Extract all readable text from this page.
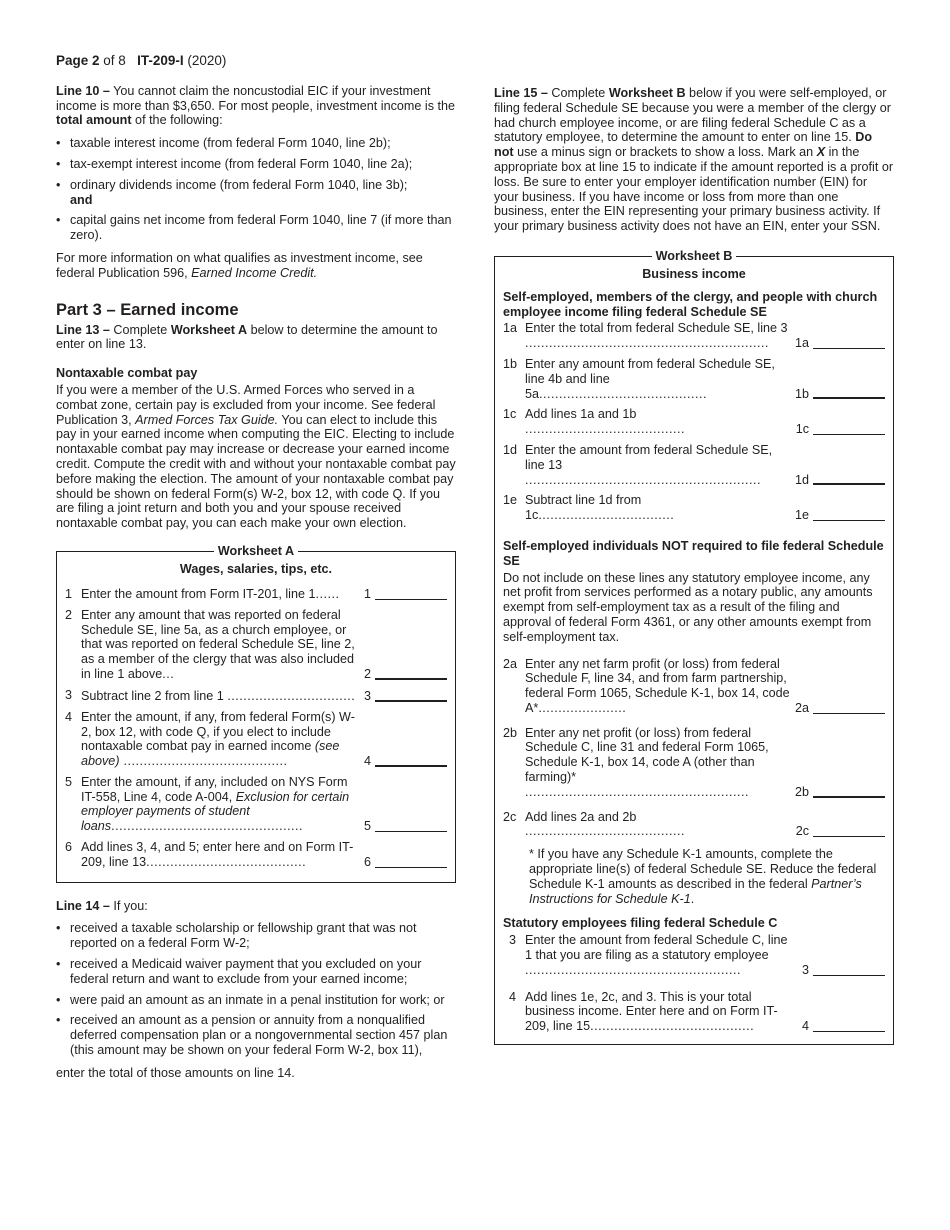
Page 2 of 8 IT-209-I (2020)

Line 10 – You cannot claim the noncustodial EIC if your investment income is more than $3,650. For most people, investment income is the total amount of the following:

• taxable interest income (from federal Form 1040, line 2b);
• tax-exempt interest income (from federal Form 1040, line 2a);
• ordinary dividends income (from federal Form 1040, line 3b);
and
• capital gains net income from federal Form 1040, line 7 (if more than zero).

For more information on what qualifies as investment income, see federal Publication 596, Earned Income Credit.

Part 3 – Earned income

Line 13 – Complete Worksheet A below to determine the amount to enter on line 13.

Nontaxable combat pay

If you were a member of the U.S. Armed Forces who served in a combat zone, certain pay is excluded from your income. See federal Publication 3, Armed Forces Tax Guide. You can elect to include this pay in your earned income when computing the EIC. Electing to include nontaxable combat pay may increase or decrease your earned income credit. Compute the credit with and without your nontaxable combat pay before making the election. The amount of your nontaxable combat pay should be shown on federal Form(s) W-2, box 12, with code Q. If you are filing a joint return and both you and your spouse received nontaxable combat pay, you can each make your own election.

Worksheet A
Wages, salaries, tips, etc.
1 Enter the amount from Form IT-201, line 1......	1
2 Enter any amount that was reported on federal Schedule SE, line 5a, as a church employee, or that was reported on federal Schedule SE, line 2, as a member of the clergy that was also included in line 1 above...	2
3 Subtract line 2 from line 1 ................................ 3
4 Enter the amount, if any, from federal Form(s) W-2, box 12, with code Q, if you elect to include nontaxable combat pay in earned income (see above) .........................................	4
5 Enter the amount, if any, included on NYS Form IT-558, Line 4, code A-004, Exclusion for certain employer payments of student loans................................................	5
6 Add lines 3, 4, and 5; enter here and on Form IT-209, line 13........................................	6

Line 14 – If you:

• received a taxable scholarship or fellowship grant that was not reported on a federal Form W-2;
• received a Medicaid waiver payment that you excluded on your federal return and want to exclude from your earned income;
• were paid an amount as an inmate in a penal institution for work; or
• received an amount as a pension or annuity from a nonqualified deferred compensation plan or a nongovernmental section 457 plan (this amount may be shown on your federal Form W-2, box 11),

enter the total of those amounts on line 14.

Line 15 – Complete Worksheet B below if you were self-employed, or filing federal Schedule SE because you were a member of the clergy or had church employee income, or are filing federal Schedule C as a statutory employee, to determine the amount to enter on line 15. Do not use a minus sign or brackets to show a loss. Mark an X in the appropriate box at line 15 to indicate if the amount reported is a profit or loss. Be sure to enter your employer identification number (EIN) for your business. If you have income or loss from more than one business, enter the EIN representing your primary business activity. If your primary business activity does not have an EIN, enter your SSN.

Worksheet B
Business income
Self-employed, members of the clergy, and people with church employee income filing federal Schedule SE
1a Enter the total from federal Schedule SE, line 3 .............................................................	1a
1b Enter any amount from federal Schedule SE, line 4b and line 5a..........................................	1b
1c Add lines 1a and 1b ........................................	1c
1d Enter the amount from federal Schedule SE, line 13 ...........................................................	1d
1e Subtract line 1d from 1c..................................	1e
Self-employed individuals NOT required to file federal Schedule SE

Do not include on these lines any statutory employee income, any net profit from services performed as a notary public, any amounts exempt from self-employment tax as a result of the filing and approval of federal Form 4361, or any other amounts exempt from self-employment tax.

2a Enter any net farm profit (or loss) from federal Schedule F, line 34, and from farm partnership, federal Form 1065, Schedule K-1, box 14, code A*......................	2a
2b Enter any net profit (or loss) from federal Schedule C, line 31 and federal Form 1065, Schedule K-1, box 14, code A (other than farming)* ........................................................	2b
2c Add lines 2a and 2b ........................................	2c
* If you have any Schedule K-1 amounts, complete the appropriate line(s) of federal Schedule SE. Reduce the federal Schedule K-1 amounts as described in the federal Partner’s Instructions for Schedule K-1.
Statutory employees filing federal Schedule C
3 Enter the amount from federal Schedule C, line 1 that you are filing as a statutory employee ......................................................	3
4 Add lines 1e, 2c, and 3. This is your total business income. Enter here and on Form IT-209, line 15.........................................	4
